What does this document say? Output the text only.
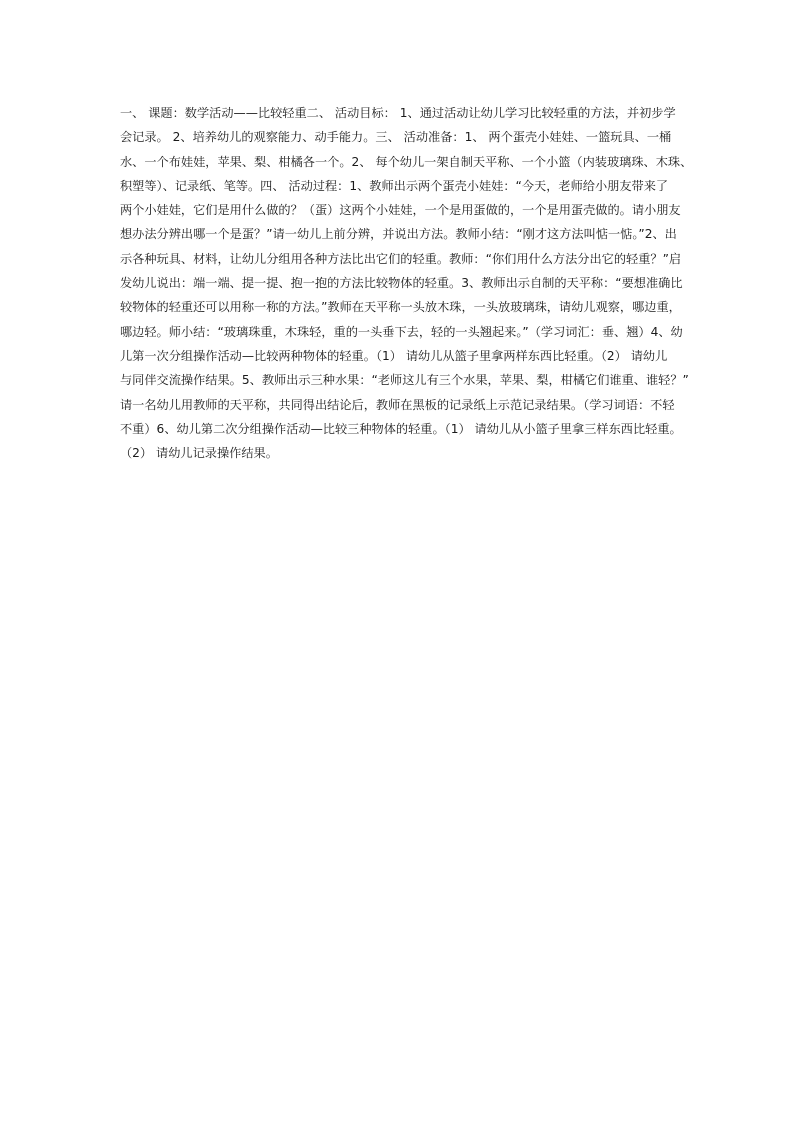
一、 课题：数学活动——比较轻重二、 活动目标： 1、通过活动让幼儿学习比较轻重的方法，并初步学
会记录。 2、培养幼儿的观察能力、动手能力。三、 活动准备：1、 两个蛋壳小娃娃、一篮玩具、一桶
水、一个布娃娃，苹果、梨、柑橘各一个。2、 每个幼儿一架自制天平称、一个小篮（内装玻璃珠、木珠、
积塑等）、记录纸、笔等。四、 活动过程：1、教师出示两个蛋壳小娃娃：“今天，老师给小朋友带来了
两个小娃娃，它们是用什么做的？（蛋）这两个小娃娃，一个是用蛋做的，一个是用蛋壳做的。请小朋友
想办法分辨出哪一个是蛋？”请一幼儿上前分辨，并说出方法。教师小结：“刚才这方法叫惦一惦。”2、出
示各种玩具、材料，让幼儿分组用各种方法比出它们的轻重。教师：“你们用什么方法分出它的轻重？”启
发幼儿说出：端一端、提一提、抱一抱的方法比较物体的轻重。3、教师出示自制的天平称：“要想准确比
较物体的轻重还可以用称一称的方法。”教师在天平称一头放木珠，一头放玻璃珠，请幼儿观察，哪边重，
哪边轻。师小结：“玻璃珠重，木珠轻，重的一头垂下去，轻的一头翘起来。”（学习词汇：垂、翘）4、幼
儿第一次分组操作活动—比较两种物体的轻重。（1） 请幼儿从篮子里拿两样东西比轻重。（2） 请幼儿
与同伴交流操作结果。5、教师出示三种水果：“老师这儿有三个水果，苹果、梨，柑橘它们谁重、谁轻？”
请一名幼儿用教师的天平称，共同得出结论后，教师在黑板的记录纸上示范记录结果。（学习词语：不轻
不重）6、幼儿第二次分组操作活动—比较三种物体的轻重。（1） 请幼儿从小篮子里拿三样东西比轻重。
（2） 请幼儿记录操作结果。
